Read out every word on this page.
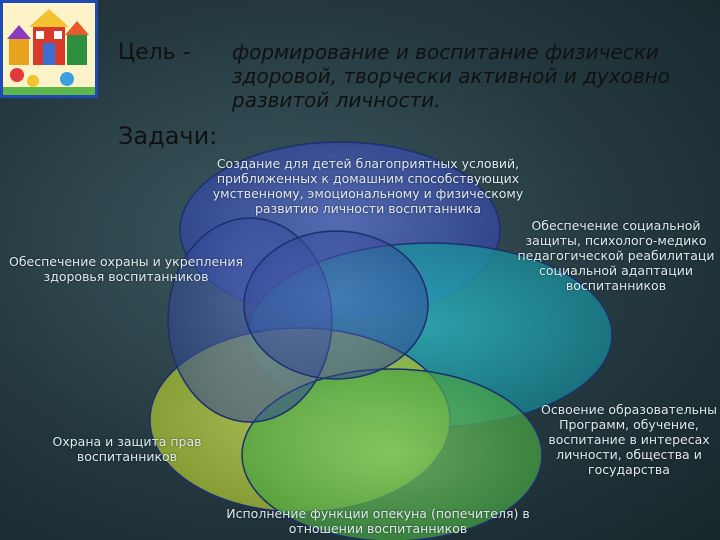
Цель - формирование и воспитание физически здоровой, творчески активной и духовно развитой личности.
Задачи:
Создание для детей благоприятных условий, приближенных к домашним способствующих умственному, эмоциональному и физическому развитию личности воспитанника
Обеспечение социальной защиты, психолого-медико педагогической реабилитаци социальной адаптации воспитанников
Обеспечение охраны и укрепления здоровья воспитанников
Освоение образовательны Программ, обучение, воспитание в интересах личности, общества и государства
Охрана и защита прав воспитанников
Исполнение функции опекуна (попечителя) в отношении воспитанников
